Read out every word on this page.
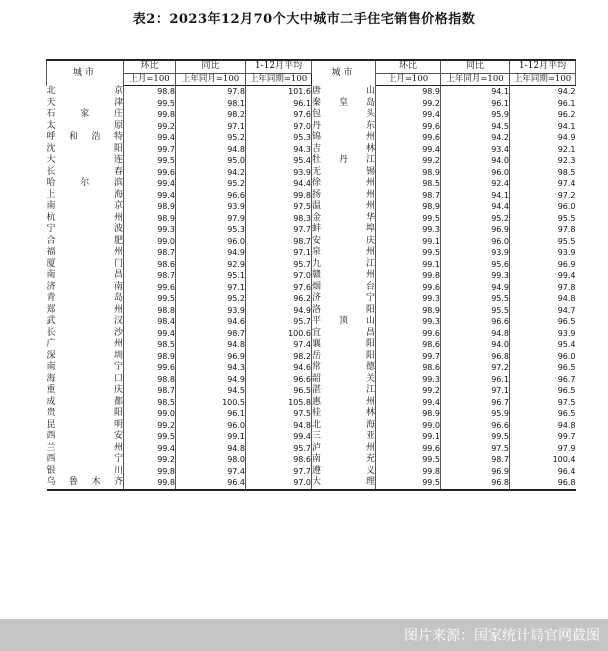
表2：2023年12月70个大中城市二手住宅销售价格指数
城市	环比	同比	1-12月平均	城市	环比	同比	1-12月平均
	上月=100	上年同月=100	上年同期=100		上月=100	上年同月=100	上年同期=100
北　京	98.8	97.8	101.6	唐　山	98.9	94.1	94.2
天　津	99.5	98.1	96.1	秦皇岛	99.2	96.1	96.1
石家庄	99.8	98.2	97.6	包　头	99.4	95.9	96.2
太　原	99.2	97.1	97.0	丹　东	99.6	94.5	94.1
呼和浩特	99.4	95.2	95.3	锦　州	99.6	94.2	94.9
沈　阳	99.7	94.8	94.3	吉　林	99.4	93.4	92.1
大　连	99.5	95.0	95.4	牡丹江	99.2	94.0	92.3
长　春	99.6	94.2	93.9	无　锡	98.9	96.0	98.5
哈尔滨	99.4	95.2	94.4	徐　州	98.5	92.4	97.4
上　海	99.4	96.6	99.8	扬　州	98.7	94.1	97.2
南　京	98.9	93.9	97.5	温　州	98.9	94.4	96.0
杭　州	98.9	97.9	98.3	金　华	99.5	95.2	95.5
宁　波	99.3	95.3	97.7	蚌　埠	99.3	96.9	97.8
合　肥	99.0	96.0	98.7	安　庆	99.1	96.0	95.5
福　州	98.7	94.9	97.1	泉　州	99.5	93.9	93.9
厦　门	98.6	92.9	95.7	九　江	99.1	95.6	96.9
南　昌	98.7	95.1	97.0	赣　州	99.8	99.3	99.4
济　南	99.6	97.1	97.6	烟　台	99.6	94.9	97.8
青　岛	99.5	95.2	96.2	济　宁	99.3	95.5	94.8
郑　州	98.8	93.9	94.9	洛　阳	98.9	95.5	94.7
武　汉	98.4	94.6	95.7	平顶山	99.3	96.6	96.5
长　沙	99.4	98.7	100.6	宜　昌	99.6	94.8	93.9
广　州	98.5	94.8	97.4	襄　阳	98.6	94.0	95.4
深　圳	98.9	96.9	98.2	岳　阳	99.7	96.8	96.0
南　宁	99.6	94.3	94.6	常　德	98.6	97.2	96.5
海　口	98.8	94.9	96.6	韶　关	99.3	96.1	96.7
重　庆	98.7	94.5	96.5	湛　江	99.2	97.1	96.5
成　都	98.5	100.5	105.8	惠　州	99.4	96.7	97.5
贵　阳	99.0	96.1	97.5	桂　林	98.9	95.9	96.5
昆　明	99.2	96.0	94.8	北　海	99.0	96.6	94.8
西　安	99.5	99.1	99.4	三　亚	99.1	99.5	99.7
兰　州	99.4	94.8	95.7	泸　州	99.6	97.5	97.9
西　宁	99.2	98.0	98.6	南　充	99.5	98.7	100.4
银　川	99.8	97.4	97.7	遵　义	99.8	96.9	96.4
乌鲁木齐	99.8	96.4	97.0	大　理	99.5	96.8	96.8
图片来源：国家统计局官网截图
